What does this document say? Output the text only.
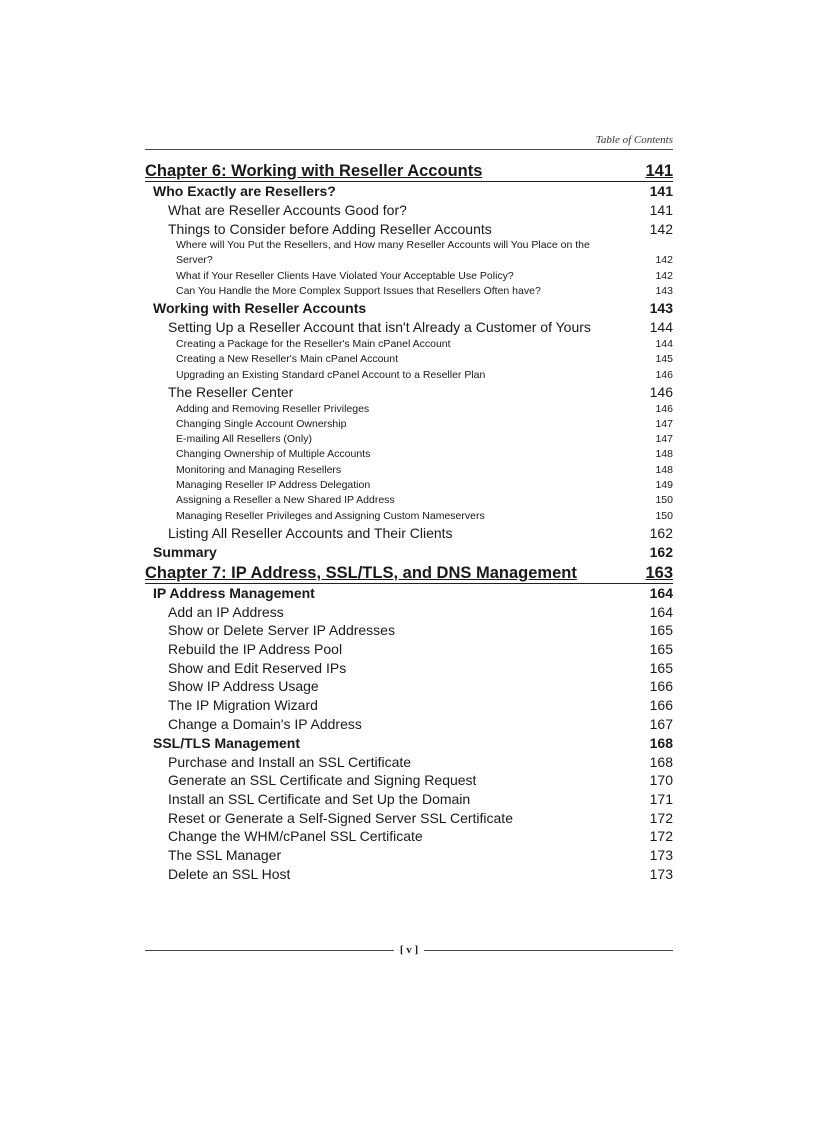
Table of Contents
Chapter 6: Working with Reseller Accounts	141
Who Exactly are Resellers?	141
What are Reseller Accounts Good for?	141
Things to Consider before Adding Reseller Accounts	142
Where will You Put the Resellers, and How many Reseller Accounts will You Place on the
Server?	142
What if Your Reseller Clients Have Violated Your Acceptable Use Policy?	142
Can You Handle the More Complex Support Issues that Resellers Often have?	143
Working with Reseller Accounts	143
Setting Up a Reseller Account that isn't Already a Customer of Yours	144
Creating a Package for the Reseller's Main cPanel Account	144
Creating a New Reseller's Main cPanel Account	145
Upgrading an Existing Standard cPanel Account to a Reseller Plan	146
The Reseller Center	146
Adding and Removing Reseller Privileges	146
Changing Single Account Ownership	147
E-mailing All Resellers (Only)	147
Changing Ownership of Multiple Accounts	148
Monitoring and Managing Resellers	148
Managing Reseller IP Address Delegation	149
Assigning a Reseller a New Shared IP Address	150
Managing Reseller Privileges and Assigning Custom Nameservers	150
Listing All Reseller Accounts and Their Clients	162
Summary	162
Chapter 7: IP Address, SSL/TLS, and DNS Management	163
IP Address Management	164
Add an IP Address	164
Show or Delete Server IP Addresses	165
Rebuild the IP Address Pool	165
Show and Edit Reserved IPs	165
Show IP Address Usage	166
The IP Migration Wizard	166
Change a Domain's IP Address	167
SSL/TLS Management	168
Purchase and Install an SSL Certificate	168
Generate an SSL Certificate and Signing Request	170
Install an SSL Certificate and Set Up the Domain	171
Reset or Generate a Self-Signed Server SSL Certificate	172
Change the WHM/cPanel SSL Certificate	172
The SSL Manager	173
Delete an SSL Host	173
[ v ]
